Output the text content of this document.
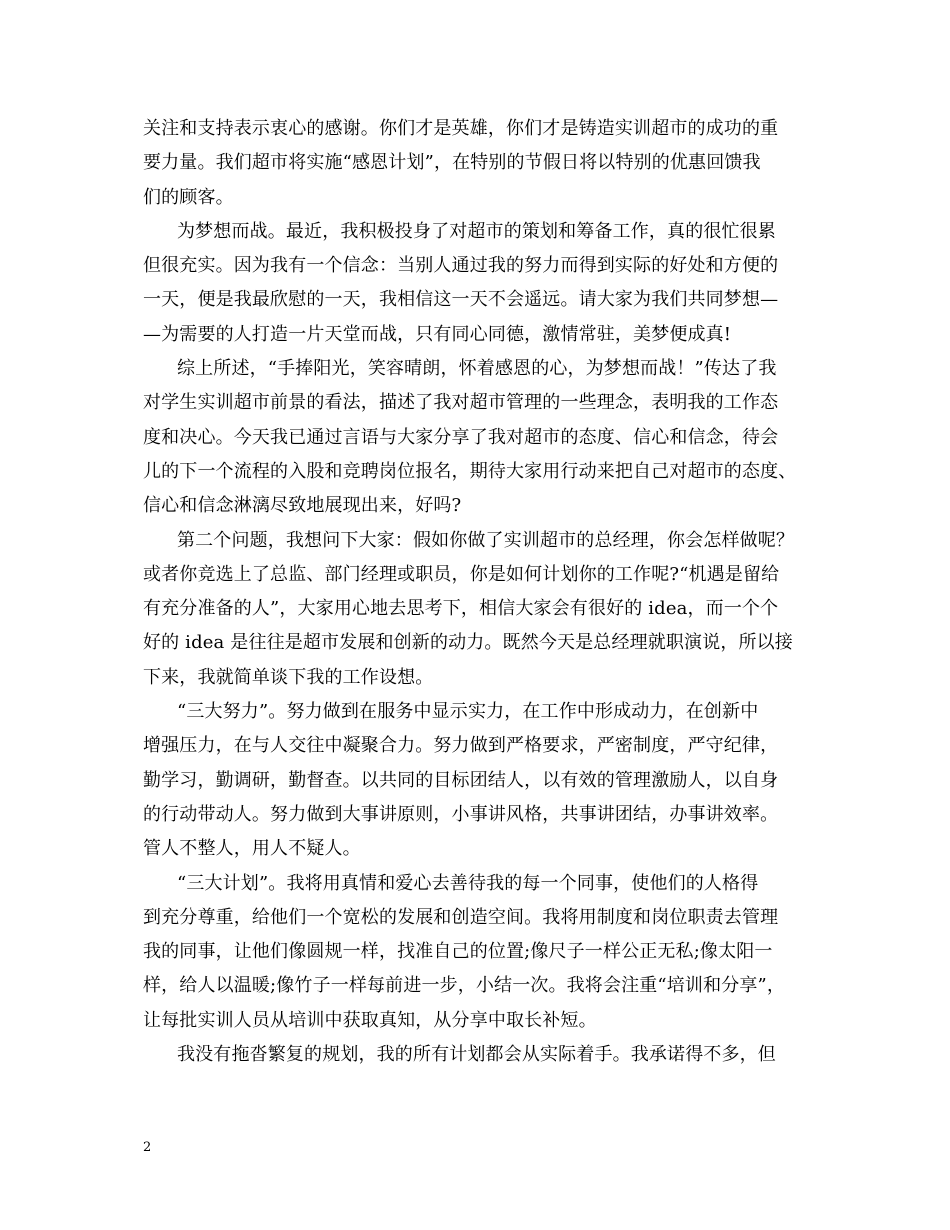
关注和支持表示衷心的感谢。你们才是英雄，你们才是铸造实训超市的成功的重
要力量。我们超市将实施“感恩计划”，在特别的节假日将以特别的优惠回馈我
们的顾客。

为梦想而战。最近，我积极投身了对超市的策划和筹备工作，真的很忙很累
但很充实。因为我有一个信念：当别人通过我的努力而得到实际的好处和方便的
一天，便是我最欣慰的一天，我相信这一天不会遥远。请大家为我们共同梦想—
—为需要的人打造一片天堂而战，只有同心同德，激情常驻，美梦便成真!

综上所述，“手捧阳光，笑容晴朗，怀着感恩的心，为梦想而战！”传达了我
对学生实训超市前景的看法，描述了我对超市管理的一些理念，表明我的工作态
度和决心。今天我已通过言语与大家分享了我对超市的态度、信心和信念，待会
儿的下一个流程的入股和竞聘岗位报名，期待大家用行动来把自己对超市的态度、
信心和信念淋漓尽致地展现出来，好吗?

第二个问题，我想问下大家：假如你做了实训超市的总经理，你会怎样做呢？
或者你竞选上了总监、部门经理或职员，你是如何计划你的工作呢?“机遇是留给
有充分准备的人”，大家用心地去思考下，相信大家会有很好的 idea，而一个个
好的 idea 是往往是超市发展和创新的动力。既然今天是总经理就职演说，所以接
下来，我就简单谈下我的工作设想。

“三大努力”。努力做到在服务中显示实力，在工作中形成动力，在创新中
增强压力，在与人交往中凝聚合力。努力做到严格要求，严密制度，严守纪律，
勤学习，勤调研，勤督查。以共同的目标团结人，以有效的管理激励人，以自身
的行动带动人。努力做到大事讲原则，小事讲风格，共事讲团结，办事讲效率。
管人不整人，用人不疑人。

“三大计划”。我将用真情和爱心去善待我的每一个同事，使他们的人格得
到充分尊重，给他们一个宽松的发展和创造空间。我将用制度和岗位职责去管理
我的同事，让他们像圆规一样，找准自己的位置;像尺子一样公正无私;像太阳一
样，给人以温暖;像竹子一样每前进一步，小结一次。我将会注重“培训和分享”，
让每批实训人员从培训中获取真知，从分享中取长补短。

我没有拖沓繁复的规划，我的所有计划都会从实际着手。我承诺得不多，但

2
